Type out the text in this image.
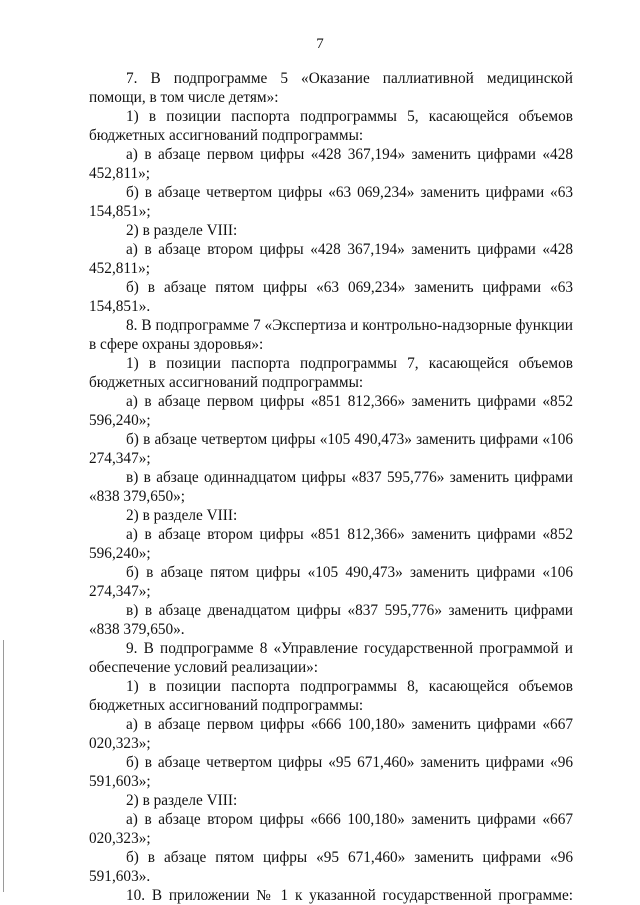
7

7. В подпрограмме 5 «Оказание паллиативной медицинской помощи, в том числе детям»:

1) в позиции паспорта подпрограммы 5, касающейся объемов бюджетных ассигнований подпрограммы:

а) в абзаце первом цифры «428 367,194» заменить цифрами «428 452,811»;

б) в абзаце четвертом цифры «63 069,234» заменить цифрами «63 154,851»;

2) в разделе VIII:

а) в абзаце втором цифры «428 367,194» заменить цифрами «428 452,811»;

б) в абзаце пятом цифры «63 069,234» заменить цифрами «63 154,851».

8. В подпрограмме 7 «Экспертиза и контрольно-надзорные функции в сфере охраны здоровья»:

1) в позиции паспорта подпрограммы 7, касающейся объемов бюджетных ассигнований подпрограммы:

а) в абзаце первом цифры «851 812,366» заменить цифрами «852 596,240»;

б) в абзаце четвертом цифры «105 490,473» заменить цифрами «106 274,347»;

в) в абзаце одиннадцатом цифры «837 595,776» заменить цифрами «838 379,650»;

2) в разделе VIII:

а) в абзаце втором цифры «851 812,366» заменить цифрами «852 596,240»;

б) в абзаце пятом цифры «105 490,473» заменить цифрами «106 274,347»;

в) в абзаце двенадцатом цифры «837 595,776» заменить цифрами «838 379,650».

9. В подпрограмме 8 «Управление государственной программой и обеспечение условий реализации»:

1) в позиции паспорта подпрограммы 8, касающейся объемов бюджетных ассигнований подпрограммы:

а) в абзаце первом цифры «666 100,180» заменить цифрами «667 020,323»;

б) в абзаце четвертом цифры «95 671,460» заменить цифрами «96 591,603»;

2) в разделе VIII:

а) в абзаце втором цифры «666 100,180» заменить цифрами «667 020,323»;

б) в абзаце пятом цифры «95 671,460» заменить цифрами «96 591,603».

10. В приложении № 1 к указанной государственной программе:
